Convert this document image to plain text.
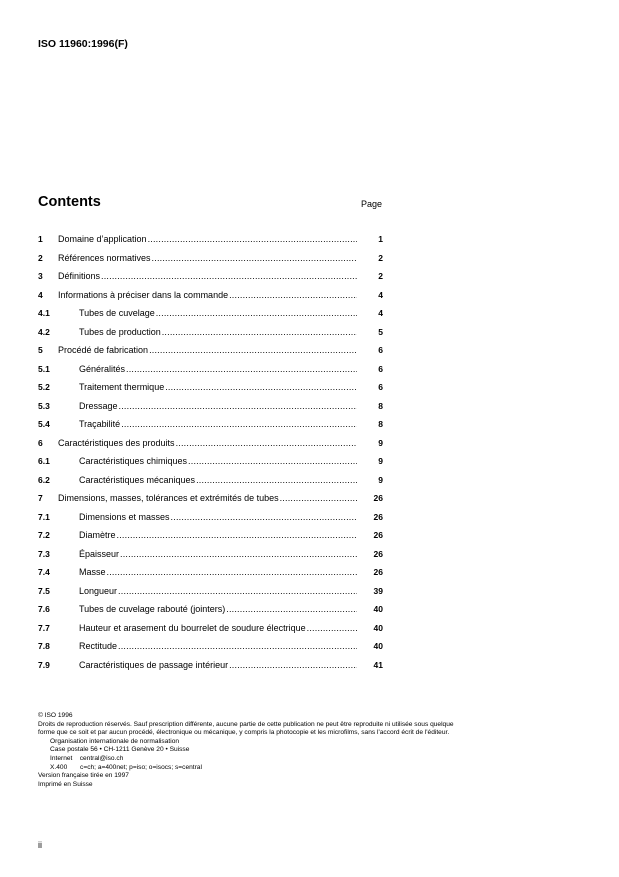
ISO 11960:1996(F)
Contents	Page
1 Domaine d’application .....	1
2 Références normatives .....	2
3 Définitions .....	2
4 Informations à préciser dans la commande .....	4
4.1	Tubes de cuvelage .....	4
4.2	Tubes de production .....	5
5 Procédé de fabrication .....	6
5.1	Généralités .....	6
5.2	Traitement thermique .....	6
5.3	Dressage .....	8
5.4	Traçabilité .....	8
6 Caractéristiques des produits .....	9
6.1	Caractéristiques chimiques .....	9
6.2	Caractéristiques mécaniques .....	9
7 Dimensions, masses, tolérances et extrémités de tubes .....	26
7.1	Dimensions et masses .....	26
7.2	Diamètre .....	26
7.3	Épaisseur .....	26
7.4	Masse .....	26
7.5	Longueur .....	39
7.6	Tubes de cuvelage rabouté (jointers) .....	40
7.7	Hauteur et arasement du bourrelet de soudure électrique .....	40
7.8	Rectitude .....	40
7.9	Caractéristiques de passage intérieur .....	41
© ISO 1996
Droits de reproduction réservés. Sauf prescription différente, aucune partie de cette publication ne peut être reproduite ni utilisée sous quelque
forme que ce soit et par aucun procédé, électronique ou mécanique, y compris la photocopie et les microfilms, sans l'accord écrit de l'éditeur.
Organisation internationale de normalisation
Case postale 56 • CH-1211 Genève 20 • Suisse
Internet    central@iso.ch
X.400       c=ch; a=400net; p=iso; o=isocs; s=central
Version française tirée en 1997
Imprimé en Suisse
ii
